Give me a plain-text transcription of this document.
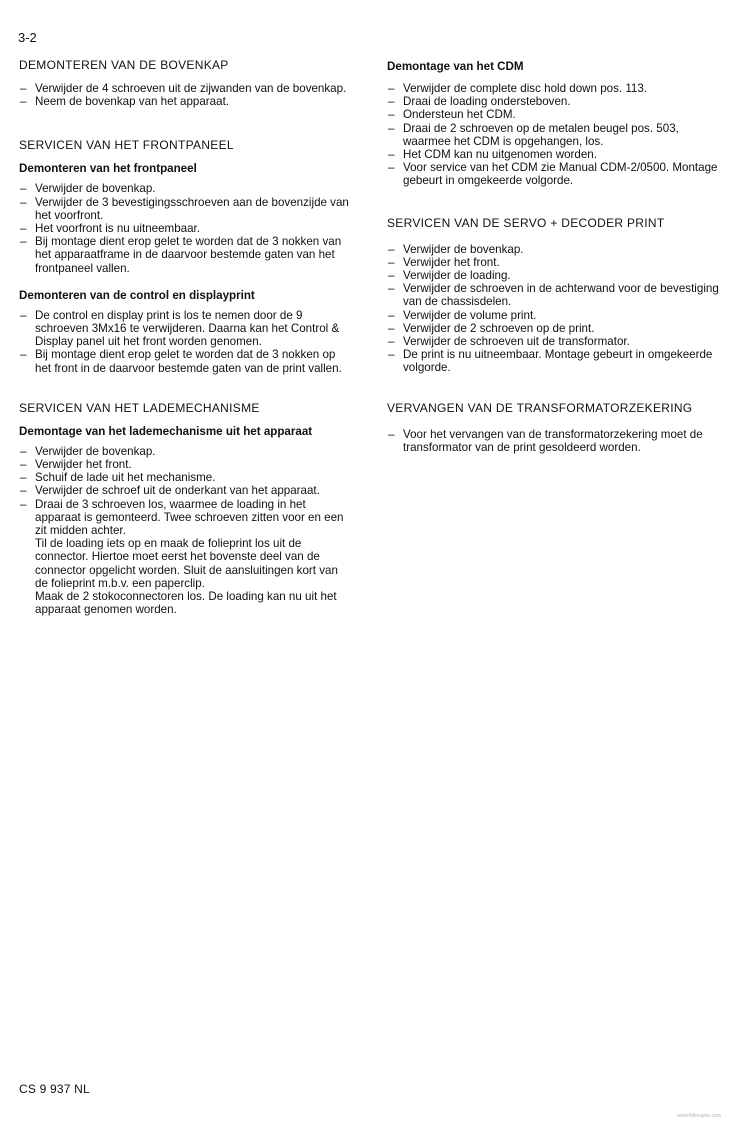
3-2
DEMONTEREN VAN DE BOVENKAP
– Verwijder de 4 schroeven uit de zijwanden van de bovenkap.
– Neem de bovenkap van het apparaat.
SERVICEN VAN HET FRONTPANEEL
Demonteren van het frontpaneel
– Verwijder de bovenkap.
– Verwijder de 3 bevestigingsschroeven aan de bovenzijde van het voorfront.
– Het voorfront is nu uitneembaar.
– Bij montage dient erop gelet te worden dat de 3 nokken van het apparaatframe in de daarvoor bestemde gaten van het frontpaneel vallen.
Demonteren van de control en displayprint
– De control en display print is los te nemen door de 9 schroeven 3Mx16 te verwijderen. Daarna kan het Control & Display panel uit het front worden genomen.
– Bij montage dient erop gelet te worden dat de 3 nokken op het front in de daarvoor bestemde gaten van de print vallen.
SERVICEN VAN HET LADEMECHANISME
Demontage van het lademechanisme uit het apparaat
– Verwijder de bovenkap.
– Verwijder het front.
– Schuif de lade uit het mechanisme.
– Verwijder de schroef uit de onderkant van het apparaat.
– Draai de 3 schroeven los, waarmee de loading in het apparaat is gemonteerd. Twee schroeven zitten voor en een zit midden achter.
Til de loading iets op en maak de folieprint los uit de connector. Hiertoe moet eerst het bovenste deel van de connector opgelicht worden. Sluit de aansluitingen kort van de folieprint m.b.v. een paperclip.
Maak de 2 stokoconnectoren los. De loading kan nu uit het apparaat genomen worden.
Demontage van het CDM
– Verwijder de complete disc hold down pos. 113.
– Draai de loading ondersteboven.
– Ondersteun het CDM.
– Draai de 2 schroeven op de metalen beugel pos. 503, waarmee het CDM is opgehangen, los.
– Het CDM kan nu uitgenomen worden.
– Voor service van het CDM zie Manual CDM-2/0500. Montage gebeurt in omgekeerde volgorde.
SERVICEN VAN DE SERVO + DECODER PRINT
– Verwijder de bovenkap.
– Verwijder het front.
– Verwijder de loading.
– Verwijder de schroeven in de achterwand voor de bevestiging van de chassisdelen.
– Verwijder de volume print.
– Verwijder de 2 schroeven op de print.
– Verwijder de schroeven uit de transformator.
– De print is nu uitneembaar. Montage gebeurt in omgekeerde volgorde.
VERVANGEN VAN DE TRANSFORMATORZEKERING
– Voor het vervangen van de transformatorzekering moet de transformator van de print gesoldeerd worden.
CS 9 937 NL
www.hifiengine.com
